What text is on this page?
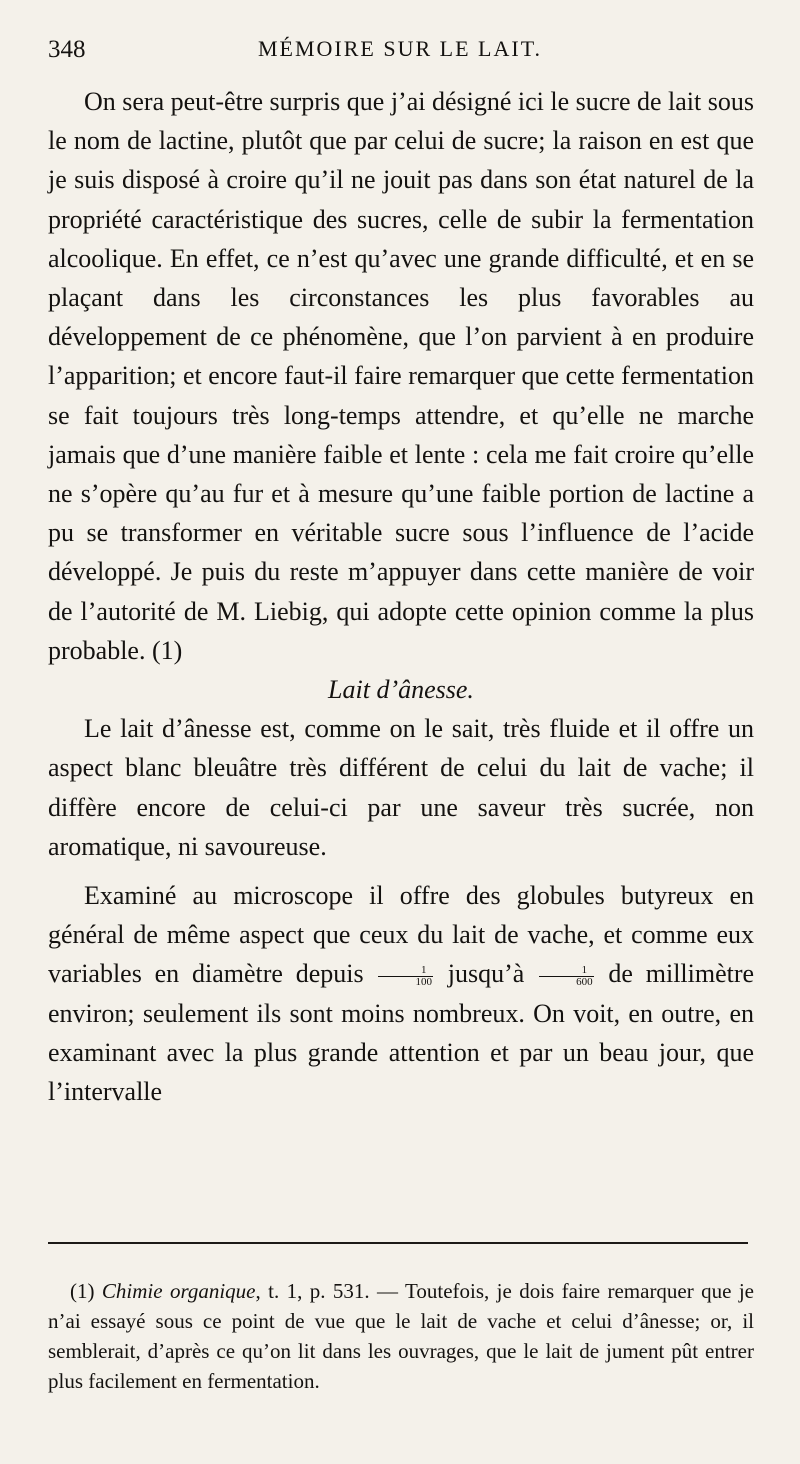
348	MÉMOIRE SUR LE LAIT.

On sera peut-être surpris que j’ai désigné ici le sucre de lait sous le nom de lactine, plutôt que par celui de sucre; la raison en est que je suis disposé à croire qu’il ne jouit pas dans son état naturel de la propriété caractéristique des sucres, celle de subir la fermentation alcoolique. En effet, ce n’est qu’avec une grande difficulté, et en se plaçant dans les circonstances les plus favorables au développement de ce phénomène, que l’on parvient à en produire l’apparition; et encore faut-il faire remarquer que cette fermentation se fait toujours très long-temps attendre, et qu’elle ne marche jamais que d’une manière faible et lente : cela me fait croire qu’elle ne s’opère qu’au fur et à mesure qu’une faible portion de lactine a pu se transformer en véritable sucre sous l’influence de l’acide développé. Je puis du reste m’appuyer dans cette manière de voir de l’autorité de M. Liebig, qui adopte cette opinion comme la plus probable. (1)

Lait d’ânesse.

Le lait d’ânesse est, comme on le sait, très fluide et il offre un aspect blanc bleuâtre très différent de celui du lait de vache; il diffère encore de celui-ci par une saveur très sucrée, non aromatique, ni savoureuse.

Examiné au microscope il offre des globules butyreux en général de même aspect que ceux du lait de vache, et comme eux variables en diamètre depuis $\frac{1}{100}$ jusqu’à $\frac{1}{600}$ de millimètre environ; seulement ils sont moins nombreux. On voit, en outre, en examinant avec la plus grande attention et par un beau jour, que l’intervalle

(1) Chimie organique, t. 1, p. 531. — Toutefois, je dois faire remarquer que je n’ai essayé sous ce point de vue que le lait de vache et celui d’ânesse; or, il semblerait, d’après ce qu’on lit dans les ouvrages, que le lait de jument pût entrer plus facilement en fermentation.
